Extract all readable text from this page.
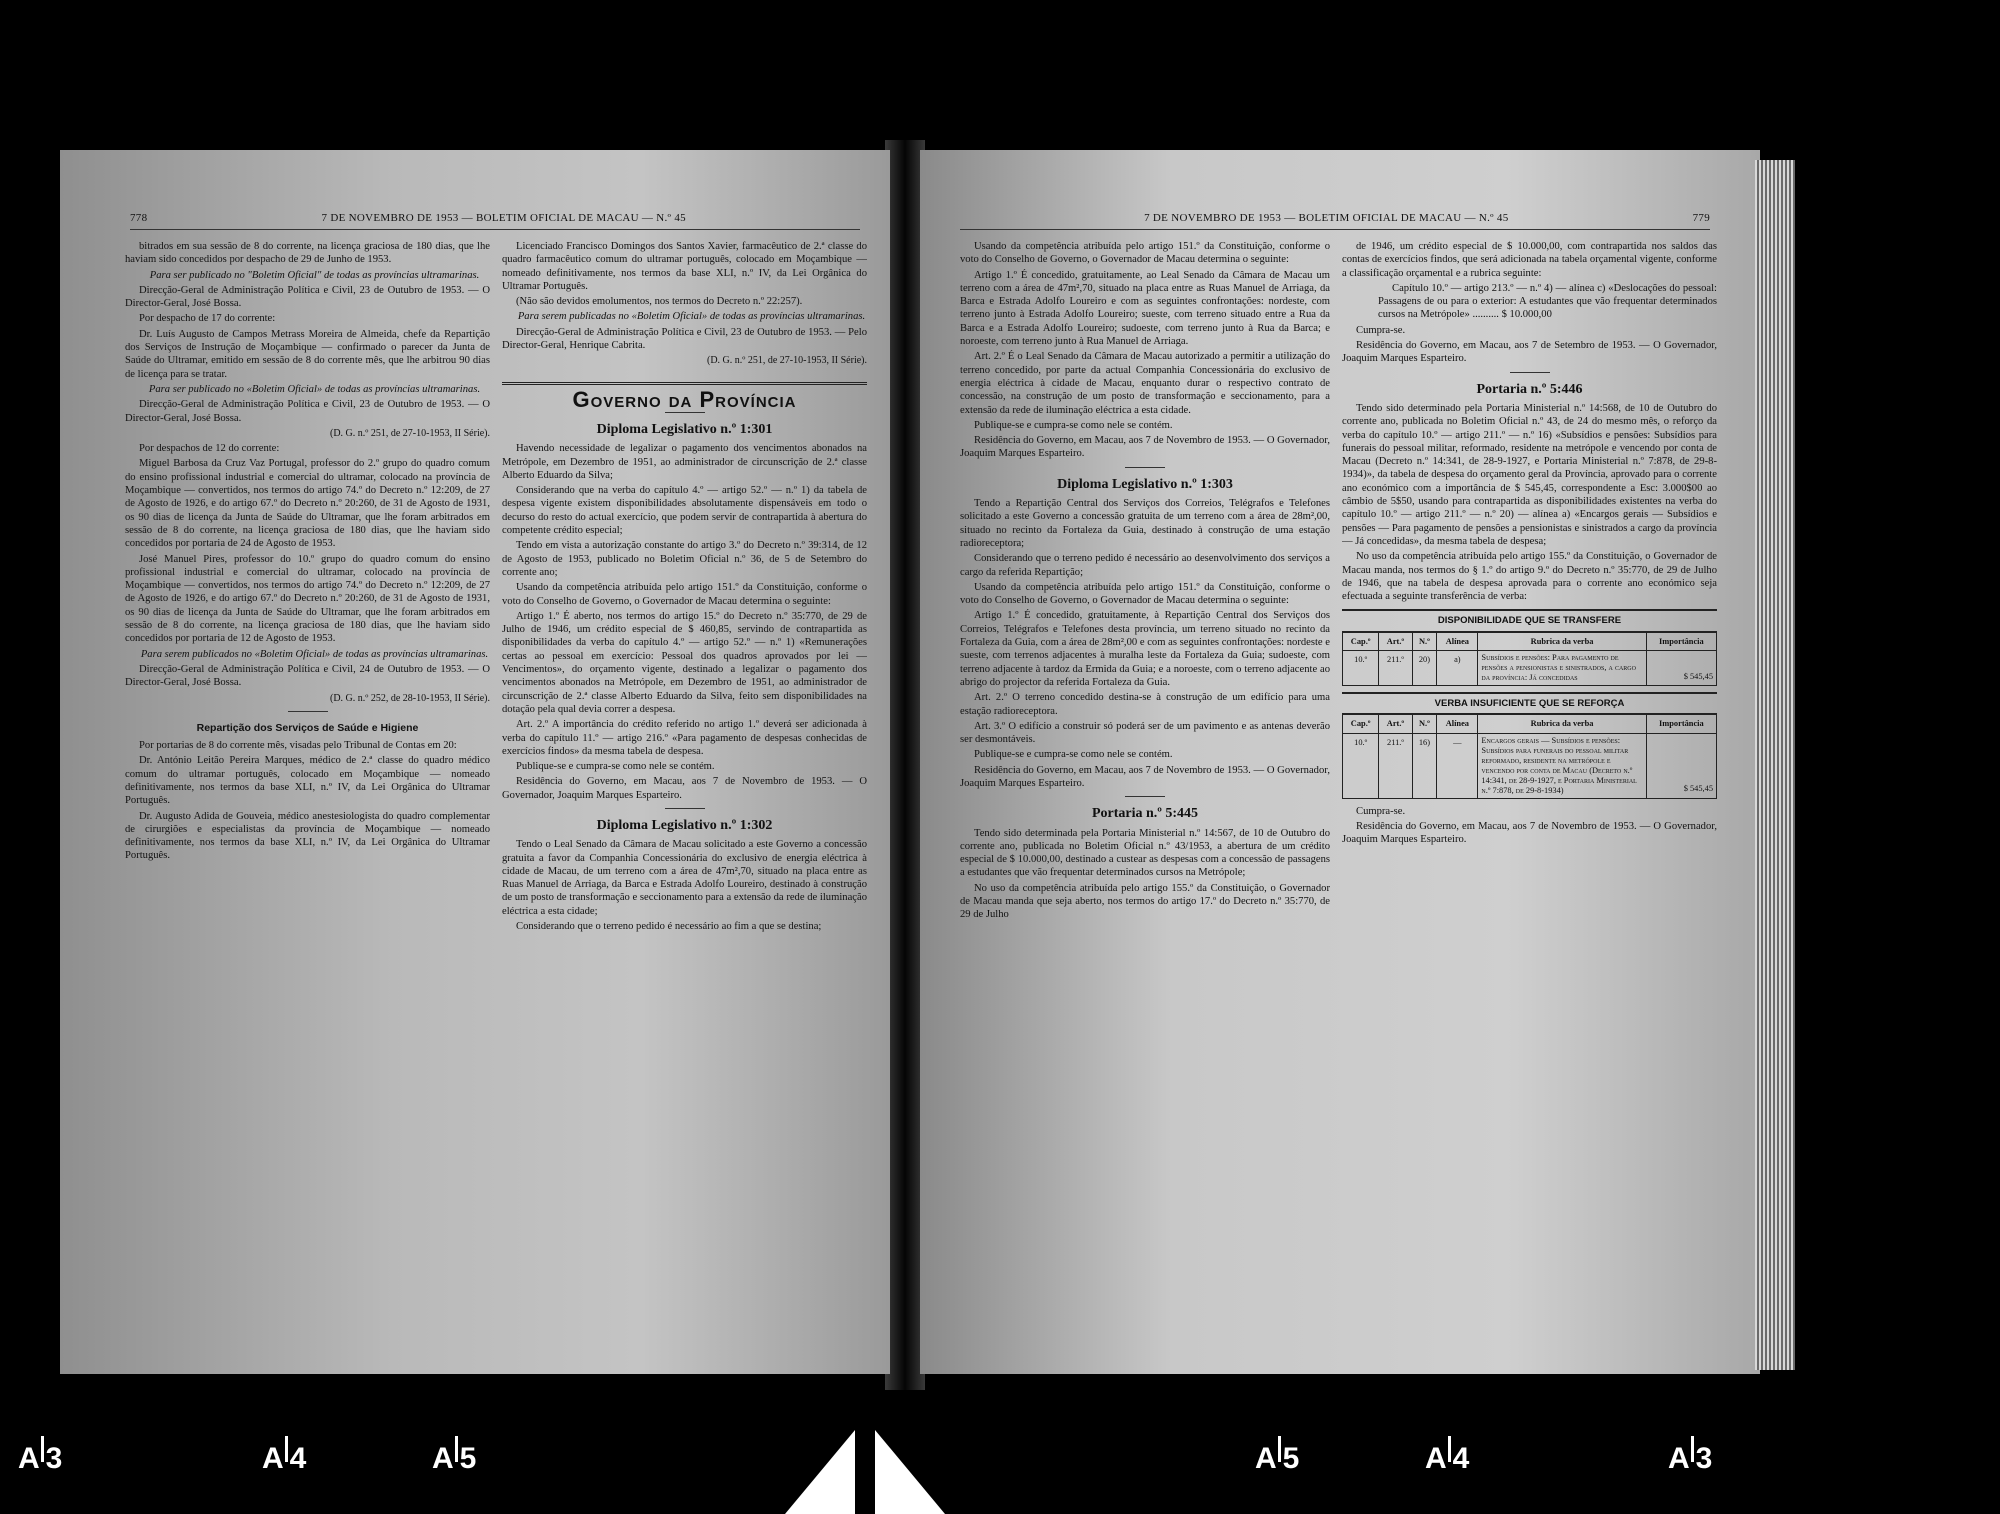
778	7 DE NOVEMBRO DE 1953 — BOLETIM OFICIAL DE MACAU — N.º 45

bitrados em sua sessão de 8 do corrente, na licença graciosa de 180 dias, que lhe haviam sido concedidos por despacho de 29 de Junho de 1953.

Para ser publicado no "Boletim Oficial" de todas as províncias ultramarinas.

Direcção-Geral de Administração Política e Civil, 23 de Outubro de 1953. — O Director-Geral, José Bossa.

Por despacho de 17 do corrente:

Dr. Luís Augusto de Campos Metrass Moreira de Almeida, chefe da Repartição dos Serviços de Instrução de Moçambique — confirmado o parecer da Junta de Saúde do Ultramar, emitido em sessão de 8 do corrente mês, que lhe arbitrou 90 dias de licença para se tratar.

Para ser publicado no «Boletim Oficial» de todas as províncias ultramarinas.

Direcção-Geral de Administração Política e Civil, 23 de Outubro de 1953. — O Director-Geral, José Bossa.

(D. G. n.º 251, de 27-10-1953, II Série).

Por despachos de 12 do corrente:

Miguel Barbosa da Cruz Vaz Portugal, professor do 2.º grupo do quadro comum do ensino profissional industrial e comercial do ultramar, colocado na província de Moçambique — convertidos, nos termos do artigo 74.º do Decreto n.º 12:209, de 27 de Agosto de 1926, e do artigo 67.º do Decreto n.º 20:260, de 31 de Agosto de 1931, os 90 dias de licença da Junta de Saúde do Ultramar, que lhe foram arbitrados em sessão de 8 do corrente, na licença graciosa de 180 dias, que lhe haviam sido concedidos por portaria de 24 de Agosto de 1953.

José Manuel Pires, professor do 10.º grupo do quadro comum do ensino profissional industrial e comercial do ultramar, colocado na província de Moçambique — convertidos, nos termos do artigo 74.º do Decreto n.º 12:209, de 27 de Agosto de 1926, e do artigo 67.º do Decreto n.º 20:260, de 31 de Agosto de 1931, os 90 dias de licença da Junta de Saúde do Ultramar, que lhe foram arbitrados em sessão de 8 do corrente, na licença graciosa de 180 dias, que lhe haviam sido concedidos por portaria de 12 de Agosto de 1953.

Para serem publicados no «Boletim Oficial» de todas as províncias ultramarinas.

Direcção-Geral de Administração Política e Civil, 24 de Outubro de 1953. — O Director-Geral, José Bossa.

(D. G. n.º 252, de 28-10-1953, II Série).

Repartição dos Serviços de Saúde e Higiene

Por portarias de 8 do corrente mês, visadas pelo Tribunal de Contas em 20:

Dr. António Leitão Pereira Marques, médico de 2.ª classe do quadro médico comum do ultramar português, colocado em Moçambique — nomeado definitivamente, nos termos da base XLI, n.º IV, da Lei Orgânica do Ultramar Português.

Dr. Augusto Adida de Gouveia, médico anestesiologista do quadro complementar de cirurgiões e especialistas da província de Moçambique — nomeado definitivamente, nos termos da base XLI, n.º IV, da Lei Orgânica do Ultramar Português.

Licenciado Francisco Domingos dos Santos Xavier, farmacêutico de 2.ª classe do quadro farmacêutico comum do ultramar português, colocado em Moçambique — nomeado definitivamente, nos termos da base XLI, n.º IV, da Lei Orgânica do Ultramar Português.

(Não são devidos emolumentos, nos termos do Decreto n.º 22:257).

Para serem publicadas no «Boletim Oficial» de todas as províncias ultramarinas.

Direcção-Geral de Administração Política e Civil, 23 de Outubro de 1953. — Pelo Director-Geral, Henrique Cabrita.

(D. G. n.º 251, de 27-10-1953, II Série).

Governo da Província
Diploma Legislativo n.º 1:301

Havendo necessidade de legalizar o pagamento dos vencimentos abonados na Metrópole, em Dezembro de 1951, ao administrador de circunscrição de 2.ª classe Alberto Eduardo da Silva;

Considerando que na verba do capítulo 4.º — artigo 52.º — n.º 1) da tabela de despesa vigente existem disponibilidades absolutamente dispensáveis em todo o decurso do resto do actual exercício, que podem servir de contrapartida à abertura do competente crédito especial;

Tendo em vista a autorização constante do artigo 3.º do Decreto n.º 39:314, de 12 de Agosto de 1953, publicado no Boletim Oficial n.º 36, de 5 de Setembro do corrente ano;

Usando da competência atribuída pelo artigo 151.º da Constituição, conforme o voto do Conselho de Governo, o Governador de Macau determina o seguinte:

Artigo 1.º É aberto, nos termos do artigo 15.º do Decreto n.º 35:770, de 29 de Julho de 1946, um crédito especial de $ 460,85, servindo de contrapartida as disponibilidades da verba do capítulo 4.º — artigo 52.º — n.º 1) «Remunerações certas ao pessoal em exercício: Pessoal dos quadros aprovados por lei — Vencimentos», do orçamento vigente, destinado a legalizar o pagamento dos vencimentos abonados na Metrópole, em Dezembro de 1951, ao administrador de circunscrição de 2.ª classe Alberto Eduardo da Silva, feito sem disponibilidades na dotação pela qual devia correr a despesa.

Art. 2.º A importância do crédito referido no artigo 1.º deverá ser adicionada à verba do capítulo 11.º — artigo 216.º «Para pagamento de despesas conhecidas de exercícios findos» da mesma tabela de despesa.

Publique-se e cumpra-se como nele se contém.

Residência do Governo, em Macau, aos 7 de Novembro de 1953. — O Governador, Joaquim Marques Esparteiro.

Diploma Legislativo n.º 1:302

Tendo o Leal Senado da Câmara de Macau solicitado a este Governo a concessão gratuita a favor da Companhia Concessionária do exclusivo de energia eléctrica à cidade de Macau, de um terreno com a área de 47m²,70, situado na placa entre as Ruas Manuel de Arriaga, da Barca e Estrada Adolfo Loureiro, destinado à construção de um posto de transformação e seccionamento para a extensão da rede de iluminação eléctrica a esta cidade;

Considerando que o terreno pedido é necessário ao fim a que se destina;

7 DE NOVEMBRO DE 1953 — BOLETIM OFICIAL DE MACAU — N.º 45	779

Usando da competência atribuída pelo artigo 151.º da Constituição, conforme o voto do Conselho de Governo, o Governador de Macau determina o seguinte:

Artigo 1.º É concedido, gratuitamente, ao Leal Senado da Câmara de Macau um terreno com a área de 47m²,70, situado na placa entre as Ruas Manuel de Arriaga, da Barca e Estrada Adolfo Loureiro e com as seguintes confrontações: nordeste, com terreno junto à Estrada Adolfo Loureiro; sueste, com terreno situado entre a Rua da Barca e a Estrada Adolfo Loureiro; sudoeste, com terreno junto à Rua da Barca; e noroeste, com terreno junto à Rua Manuel de Arriaga.

Art. 2.º É o Leal Senado da Câmara de Macau autorizado a permitir a utilização do terreno concedido, por parte da actual Companhia Concessionária do exclusivo de energia eléctrica à cidade de Macau, enquanto durar o respectivo contrato de concessão, na construção de um posto de transformação e seccionamento, para a extensão da rede de iluminação eléctrica a esta cidade.

Publique-se e cumpra-se como nele se contém.

Residência do Governo, em Macau, aos 7 de Novembro de 1953. — O Governador, Joaquim Marques Esparteiro.

Diploma Legislativo n.º 1:303

Tendo a Repartição Central dos Serviços dos Correios, Telégrafos e Telefones solicitado a este Governo a concessão gratuita de um terreno com a área de 28m²,00, situado no recinto da Fortaleza da Guia, destinado à construção de uma estação radioreceptora;

Considerando que o terreno pedido é necessário ao desenvolvimento dos serviços a cargo da referida Repartição;

Usando da competência atribuída pelo artigo 151.º da Constituição, conforme o voto do Conselho de Governo, o Governador de Macau determina o seguinte:

Artigo 1.º É concedido, gratuitamente, à Repartição Central dos Serviços dos Correios, Telégrafos e Telefones desta província, um terreno situado no recinto da Fortaleza da Guia, com a área de 28m²,00 e com as seguintes confrontações: nordeste e sueste, com terrenos adjacentes à muralha leste da Fortaleza da Guia; sudoeste, com terreno adjacente à tardoz da Ermida da Guia; e a noroeste, com o terreno adjacente ao abrigo do projector da referida Fortaleza da Guia.

Art. 2.º O terreno concedido destina-se à construção de um edifício para uma estação radioreceptora.

Art. 3.º O edifício a construir só poderá ser de um pavimento e as antenas deverão ser desmontáveis.

Publique-se e cumpra-se como nele se contém.

Residência do Governo, em Macau, aos 7 de Novembro de 1953. — O Governador, Joaquim Marques Esparteiro.

Portaria n.º 5:445

Tendo sido determinada pela Portaria Ministerial n.º 14:567, de 10 de Outubro do corrente ano, publicada no Boletim Oficial n.º 43/1953, a abertura de um crédito especial de $ 10.000,00, destinado a custear as despesas com a concessão de passagens a estudantes que vão frequentar determinados cursos na Metrópole;

No uso da competência atribuída pelo artigo 155.º da Constituição, o Governador de Macau manda que seja aberto, nos termos do artigo 17.º do Decreto n.º 35:770, de 29 de Julho

de 1946, um crédito especial de $ 10.000,00, com contrapartida nos saldos das contas de exercícios findos, que será adicionada na tabela orçamental vigente, conforme a classificação orçamental e a rubrica seguinte:

Capítulo 10.º — artigo 213.º — n.º 4) — alínea c) «Deslocações do pessoal: Passagens de ou para o exterior: A estudantes que vão frequentar determinados cursos na Metrópole» .......... $ 10.000,00

Cumpra-se.

Residência do Governo, em Macau, aos 7 de Setembro de 1953. — O Governador, Joaquim Marques Esparteiro.

Portaria n.º 5:446

Tendo sido determinado pela Portaria Ministerial n.º 14:568, de 10 de Outubro do corrente ano, publicada no Boletim Oficial n.º 43, de 24 do mesmo mês, o reforço da verba do capítulo 10.º — artigo 211.º — n.º 16) «Subsídios e pensões: Subsídios para funerais do pessoal militar, reformado, residente na metrópole e vencendo por conta de Macau (Decreto n.º 14:341, de 28-9-1927, e Portaria Ministerial n.º 7:878, de 29-8-1934)», da tabela de despesa do orçamento geral da Província, aprovado para o corrente ano económico com a importância de $ 545,45, correspondente a Esc: 3.000$00 ao câmbio de 5$50, usando para contrapartida as disponibilidades existentes na verba do capítulo 10.º — artigo 211.º — n.º 20) — alínea a) «Encargos gerais — Subsídios e pensões — Para pagamento de pensões a pensionistas e sinistrados a cargo da província — Já concedidas», da mesma tabela de despesa;

No uso da competência atribuída pelo artigo 155.º da Constituição, o Governador de Macau manda, nos termos do § 1.º do artigo 9.º do Decreto n.º 35:770, de 29 de Julho de 1946, que na tabela de despesa aprovada para o corrente ano económico seja efectuada a seguinte transferência de verba:

DISPONIBILIDADE QUE SE TRANSFERE
Cap.º	Art.º	N.º	Alínea	Rubrica da verba	Importância
10.º	211.º	20)	a)	Subsídios e pensões: Para pagamento de pensões a pensionistas e sinistrados, a cargo da província: Já concedidas	$ 545,45
VERBA INSUFICIENTE QUE SE REFORÇA
Cap.º	Art.º	N.º	Alínea	Rubrica da verba	Importância
10.º	211.º	16)	—	Encargos gerais — Subsídios e pensões: Subsídios para funerais do pessoal militar reformado, residente na metrópole e vencendo por conta de Macau (Decreto n.º 14:341, de 28-9-1927, e Portaria Ministerial n.º 7:878, de 29-8-1934)	$ 545,45

Cumpra-se.

Residência do Governo, em Macau, aos 7 de Novembro de 1953. — O Governador, Joaquim Marques Esparteiro.

A 3	A 4	A 5	A 5	A 4	A 3
